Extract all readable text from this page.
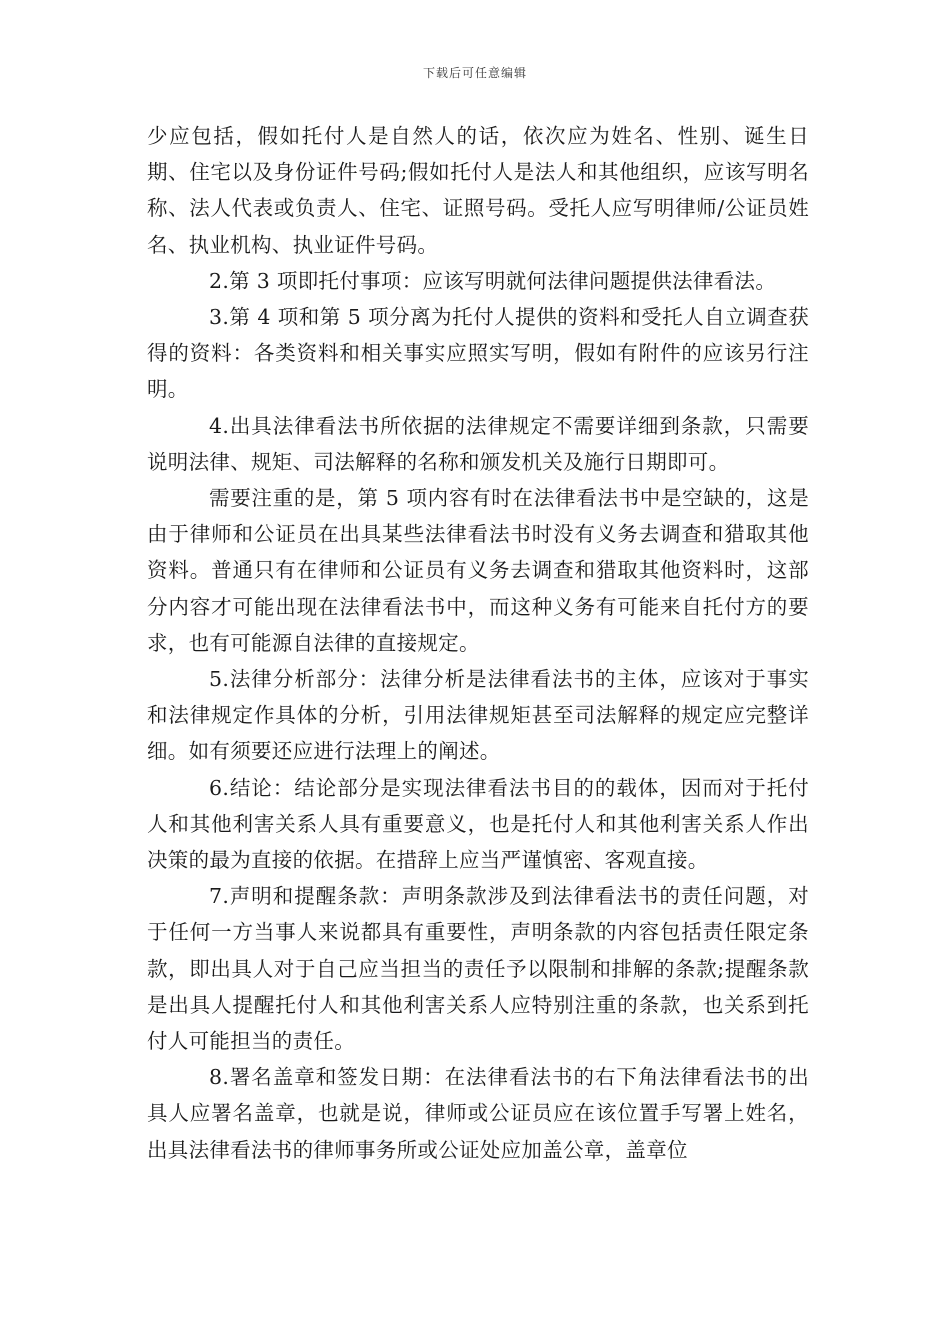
下载后可任意编辑

少应包括，假如托付人是自然人的话，依次应为姓名、性别、诞生日期、住宅以及身份证件号码;假如托付人是法人和其他组织，应该写明名称、法人代表或负责人、住宅、证照号码。受托人应写明律师/公证员姓名、执业机构、执业证件号码。

2.第 3 项即托付事项：应该写明就何法律问题提供法律看法。

3.第 4 项和第 5 项分离为托付人提供的资料和受托人自立调查获得的资料：各类资料和相关事实应照实写明，假如有附件的应该另行注明。

4.出具法律看法书所依据的法律规定不需要详细到条款，只需要说明法律、规矩、司法解释的名称和颁发机关及施行日期即可。

需要注重的是，第 5 项内容有时在法律看法书中是空缺的，这是由于律师和公证员在出具某些法律看法书时没有义务去调查和猎取其他资料。普通只有在律师和公证员有义务去调查和猎取其他资料时，这部分内容才可能出现在法律看法书中，而这种义务有可能来自托付方的要求，也有可能源自法律的直接规定。

5.法律分析部分：法律分析是法律看法书的主体，应该对于事实和法律规定作具体的分析，引用法律规矩甚至司法解释的规定应完整详细。如有须要还应进行法理上的阐述。

6.结论：结论部分是实现法律看法书目的的载体，因而对于托付人和其他利害关系人具有重要意义，也是托付人和其他利害关系人作出决策的最为直接的依据。在措辞上应当严谨慎密、客观直接。

7.声明和提醒条款：声明条款涉及到法律看法书的责任问题，对于任何一方当事人来说都具有重要性，声明条款的内容包括责任限定条款，即出具人对于自己应当担当的责任予以限制和排解的条款;提醒条款是出具人提醒托付人和其他利害关系人应特别注重的条款，也关系到托付人可能担当的责任。

8.署名盖章和签发日期：在法律看法书的右下角法律看法书的出具人应署名盖章，也就是说，律师或公证员应在该位置手写署上姓名，出具法律看法书的律师事务所或公证处应加盖公章，盖章位
